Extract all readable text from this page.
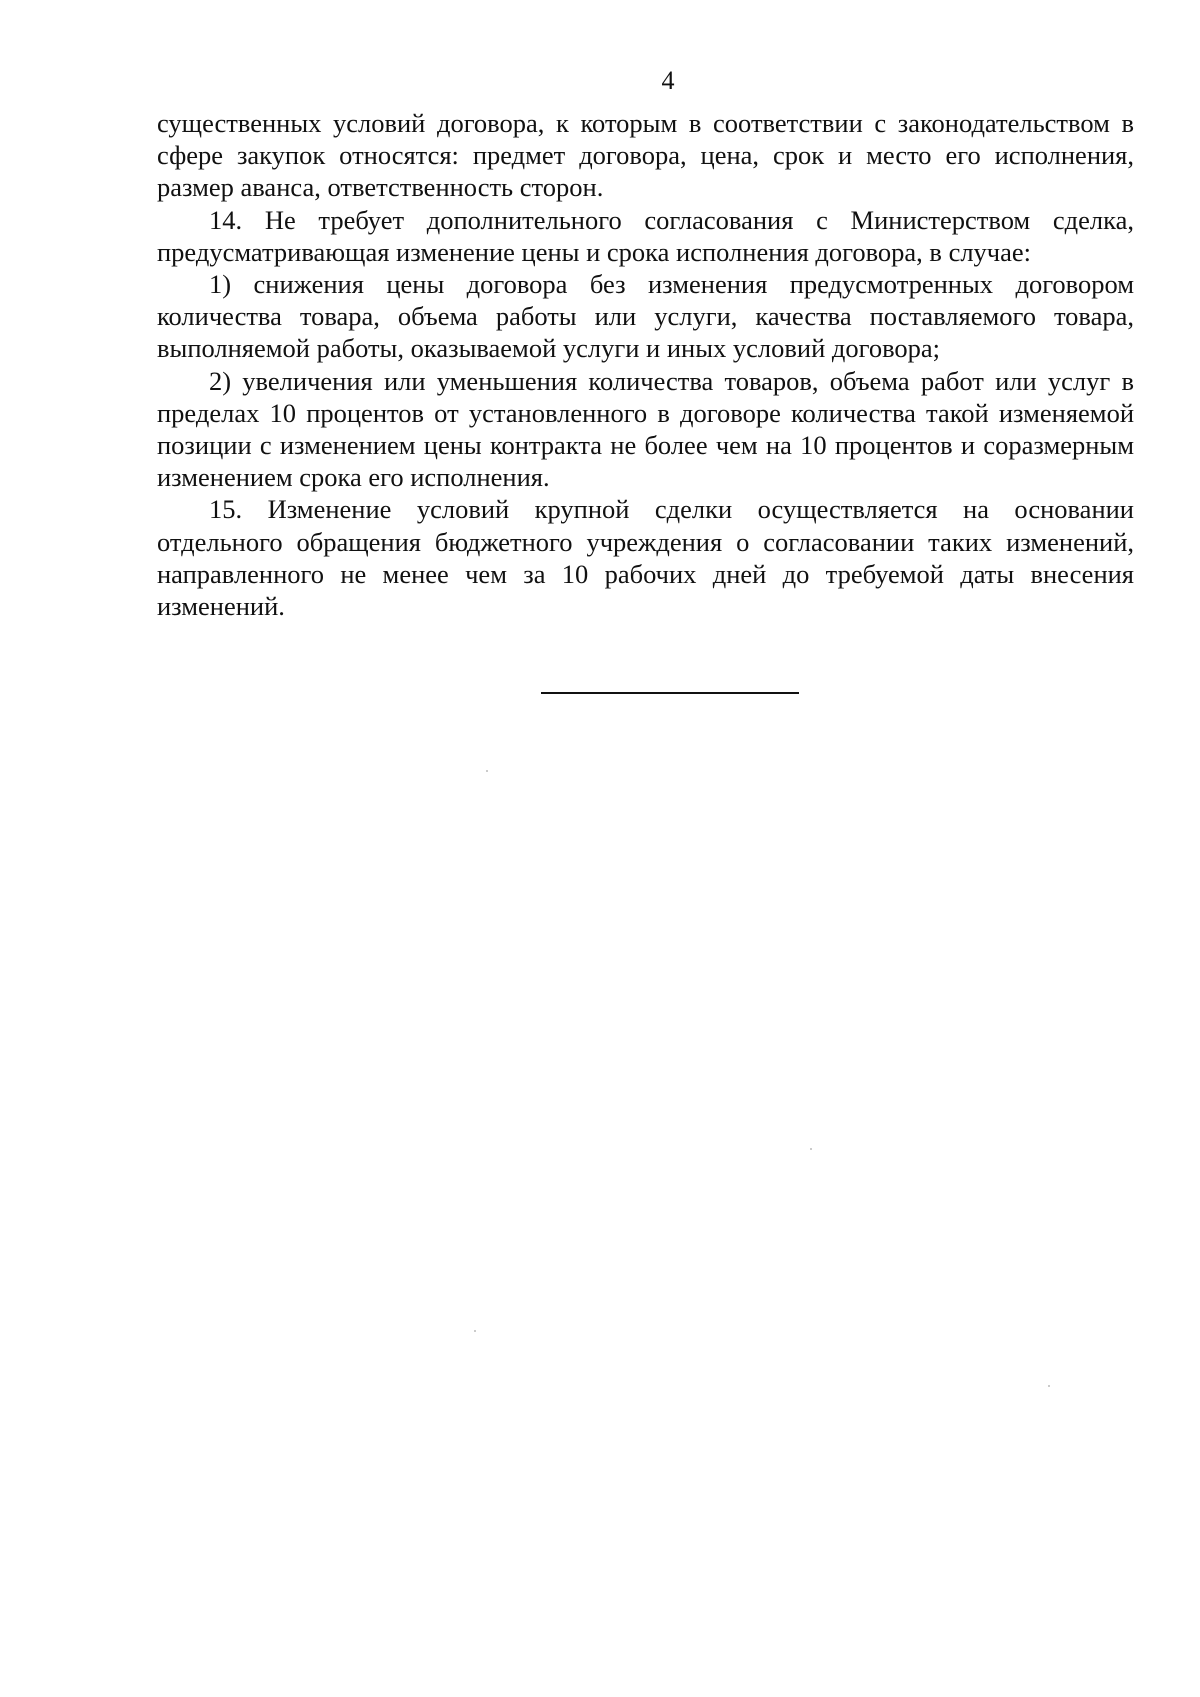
4

существенных условий договора, к которым в соответствии с законодательством в сфере закупок относятся: предмет договора, цена, срок и место его исполнения, размер аванса, ответственность сторон.

14. Не требует дополнительного согласования с Министерством сделка, предусматривающая изменение цены и срока исполнения договора, в случае:

1) снижения цены договора без изменения предусмотренных договором количества товара, объема работы или услуги, качества поставляемого товара, выполняемой работы, оказываемой услуги и иных условий договора;

2) увеличения или уменьшения количества товаров, объема работ или услуг в пределах 10 процентов от установленного в договоре количества такой изменяемой позиции с изменением цены контракта не более чем на 10 процентов и соразмерным изменением срока его исполнения.

15. Изменение условий крупной сделки осуществляется на основании отдельного обращения бюджетного учреждения о согласовании таких изменений, направленного не менее чем за 10 рабочих дней до требуемой даты внесения изменений.
